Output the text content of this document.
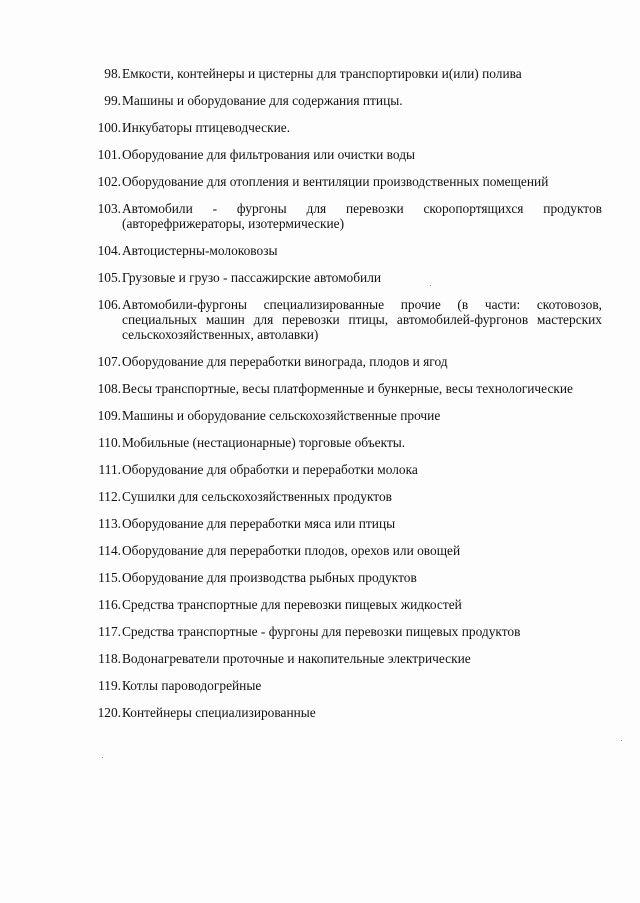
98. Емкости, контейнеры и цистерны для транспортировки и(или) полива
99. Машины и оборудование для содержания птицы.
100. Инкубаторы птицеводческие.
101. Оборудование для фильтрования или очистки воды
102. Оборудование для отопления и вентиляции производственных помещений
103. Автомобили - фургоны для перевозки скоропортящихся продуктов (авторефрижераторы, изотермические)
104. Автоцистерны-молоковозы
105. Грузовые и грузо - пассажирские автомобили
106. Автомобили-фургоны специализированные прочие (в части: скотовозов, специальных машин для перевозки птицы, автомобилей-фургонов мастерских сельскохозяйственных, автолавки)
107. Оборудование для переработки винограда, плодов и ягод
108. Весы транспортные, весы платформенные и бункерные, весы технологические
109. Машины и оборудование сельскохозяйственные прочие
110. Мобильные (нестационарные) торговые объекты.
111. Оборудование для обработки и переработки молока
112. Сушилки для сельскохозяйственных продуктов
113. Оборудование для переработки мяса или птицы
114. Оборудование для переработки плодов, орехов или овощей
115. Оборудование для производства рыбных продуктов
116. Средства транспортные для перевозки пищевых жидкостей
117. Средства транспортные - фургоны для перевозки пищевых продуктов
118. Водонагреватели проточные и накопительные электрические
119. Котлы пароводогрейные
120. Контейнеры специализированные
